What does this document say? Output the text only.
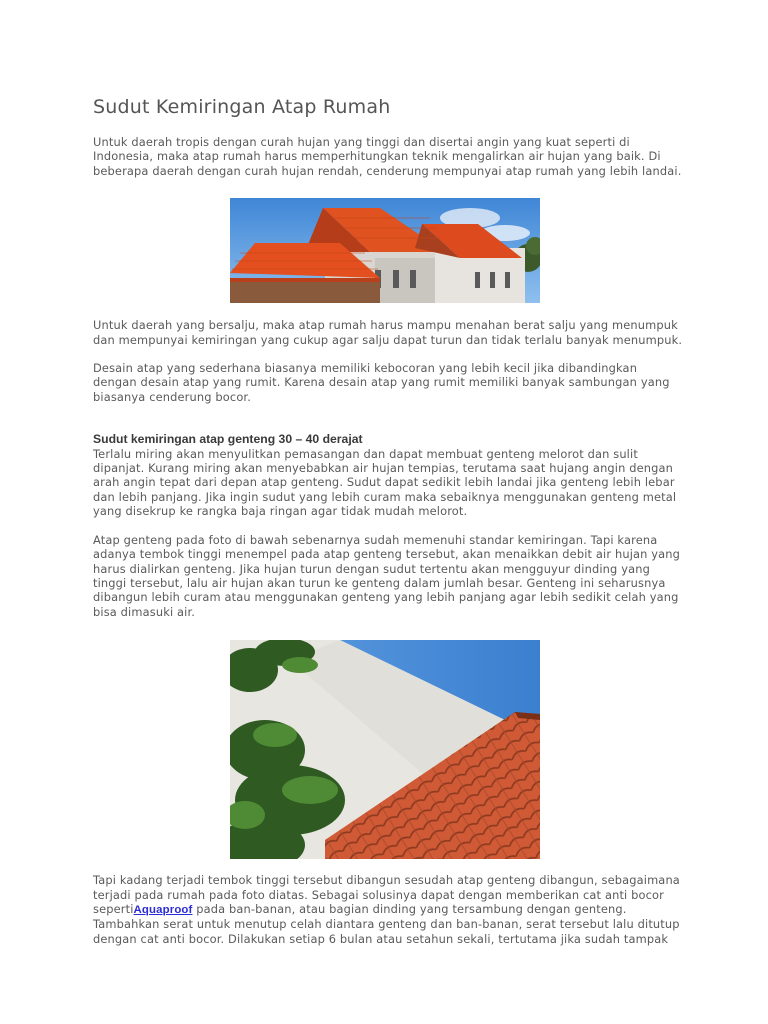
Sudut Kemiringan Atap Rumah

Untuk daerah tropis dengan curah hujan yang tinggi dan disertai angin yang kuat seperti di Indonesia, maka atap rumah harus memperhitungkan teknik mengalirkan air hujan yang baik. Di beberapa daerah dengan curah hujan rendah, cenderung mempunyai atap rumah yang lebih landai.

Untuk daerah yang bersalju, maka atap rumah harus mampu menahan berat salju yang menumpuk dan mempunyai kemiringan yang cukup agar salju dapat turun dan tidak terlalu banyak menumpuk.

Desain atap yang sederhana biasanya memiliki kebocoran yang lebih kecil jika dibandingkan dengan desain atap yang rumit. Karena desain atap yang rumit memiliki banyak sambungan yang biasanya cenderung bocor.

Sudut kemiringan atap genteng 30 – 40 derajat

Terlalu miring akan menyulitkan pemasangan dan dapat membuat genteng melorot dan sulit dipanjat. Kurang miring akan menyebabkan air hujan tempias, terutama saat hujang angin dengan arah angin tepat dari depan atap genteng. Sudut dapat sedikit lebih landai jika genteng lebih lebar dan lebih panjang. Jika ingin sudut yang lebih curam maka sebaiknya menggunakan genteng metal yang disekrup ke rangka baja ringan agar tidak mudah melorot.

Atap genteng pada foto di bawah sebenarnya sudah memenuhi standar kemiringan. Tapi karena adanya tembok tinggi menempel pada atap genteng tersebut, akan menaikkan debit air hujan yang harus dialirkan genteng. Jika hujan turun dengan sudut tertentu akan mengguyur dinding yang tinggi tersebut, lalu air hujan akan turun ke genteng dalam jumlah besar. Genteng ini seharusnya dibangun lebih curam atau menggunakan genteng yang lebih panjang agar lebih sedikit celah yang bisa dimasuki air.

Tapi kadang terjadi tembok tinggi tersebut dibangun sesudah atap genteng dibangun, sebagaimana terjadi pada rumah pada foto diatas. Sebagai solusinya dapat dengan memberikan cat anti bocor sepertiAquaproof pada ban-banan, atau bagian dinding yang tersambung dengan genteng. Tambahkan serat untuk menutup celah diantara genteng dan ban-banan, serat tersebut lalu ditutup dengan cat anti bocor. Dilakukan setiap 6 bulan atau setahun sekali, tertutama jika sudah tampak
